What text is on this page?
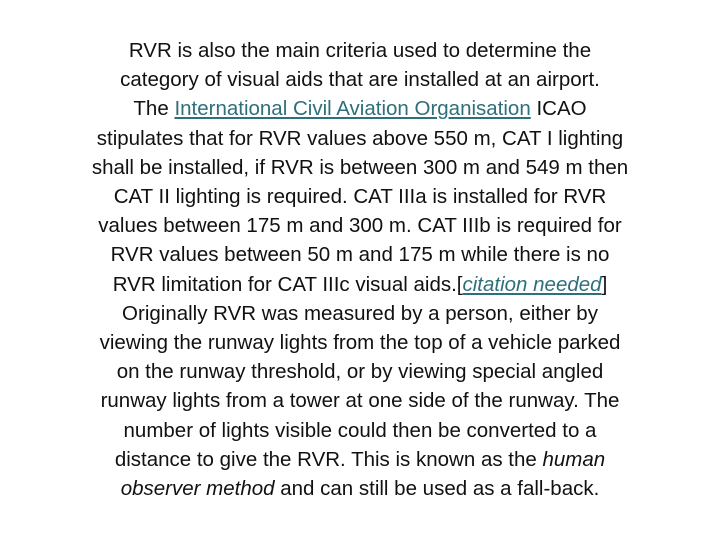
RVR is also the main criteria used to determine the
category of visual aids that are installed at an airport.
The International Civil Aviation Organisation ICAO
stipulates that for RVR values above 550 m, CAT I lighting
shall be installed, if RVR is between 300 m and 549 m then
CAT II lighting is required. CAT IIIa is installed for RVR
values between 175 m and 300 m. CAT IIIb is required for
RVR values between 50 m and 175 m while there is no
RVR limitation for CAT IIIc visual aids.[citation needed]
Originally RVR was measured by a person, either by
viewing the runway lights from the top of a vehicle parked
on the runway threshold, or by viewing special angled
runway lights from a tower at one side of the runway. The
number of lights visible could then be converted to a
distance to give the RVR. This is known as the human
observer method and can still be used as a fall-back.
